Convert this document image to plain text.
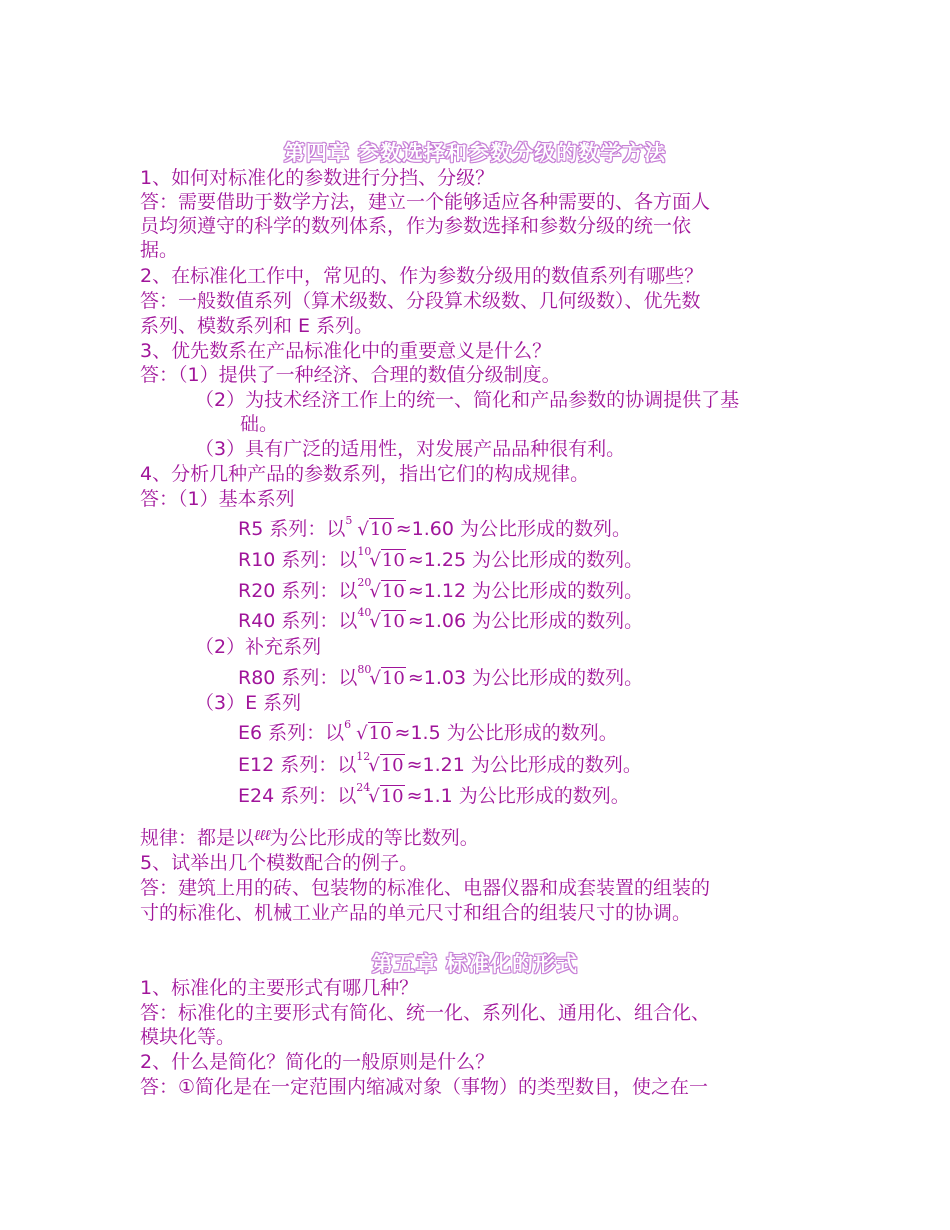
第四章 参数选择和参数分级的数学方法
1、如何对标准化的参数进行分挡、分级？
答：需要借助于数学方法，建立一个能够适应各种需要的、各方面人
员均须遵守的科学的数列体系，作为参数选择和参数分级的统一依
据。
2、在标准化工作中，常见的、作为参数分级用的数值系列有哪些？
答：一般数值系列（算术级数、分段算术级数、几何级数）、优先数
系列、模数系列和 E 系列。
3、优先数系在产品标准化中的重要意义是什么？
答：（1）提供了一种经济、合理的数值分级制度。
（2）为技术经济工作上的统一、简化和产品参数的协调提供了基
础。
（3）具有广泛的适用性，对发展产品品种很有利。
4、分析几种产品的参数系列，指出它们的构成规律。
答：（1）基本系列
R5 系列：以 5 √10 ≈1.60 为公比形成的数列。
R10 系列：以 10
√10 ≈1.25 为公比形成的数列。
R20 系列：以 20
√10 ≈1.12 为公比形成的数列。
R40 系列：以 40
√10 ≈1.06 为公比形成的数列。
（2）补充系列
R80 系列：以 80
√10 ≈1.03 为公比形成的数列。
（3）E 系列
E6 系列：以 6 √10 ≈1.5 为公比形成的数列。
E12 系列：以 12
√10 ≈1.21 为公比形成的数列。
E24 系列：以 24
√10 ≈1.1 为公比形成的数列。
规律：都是以ℓℓℓ为公比形成的等比数列。
5、试举出几个模数配合的例子。
答：建筑上用的砖、包装物的标准化、电器仪器和成套装置的组装的
寸的标准化、机械工业产品的单元尺寸和组合的组装尺寸的协调。
第五章 标准化的形式
1、标准化的主要形式有哪几种？
答：标准化的主要形式有简化、统一化、系列化、通用化、组合化、
模块化等。
2、什么是简化？简化的一般原则是什么？
答：①简化是在一定范围内缩减对象（事物）的类型数目，使之在一
